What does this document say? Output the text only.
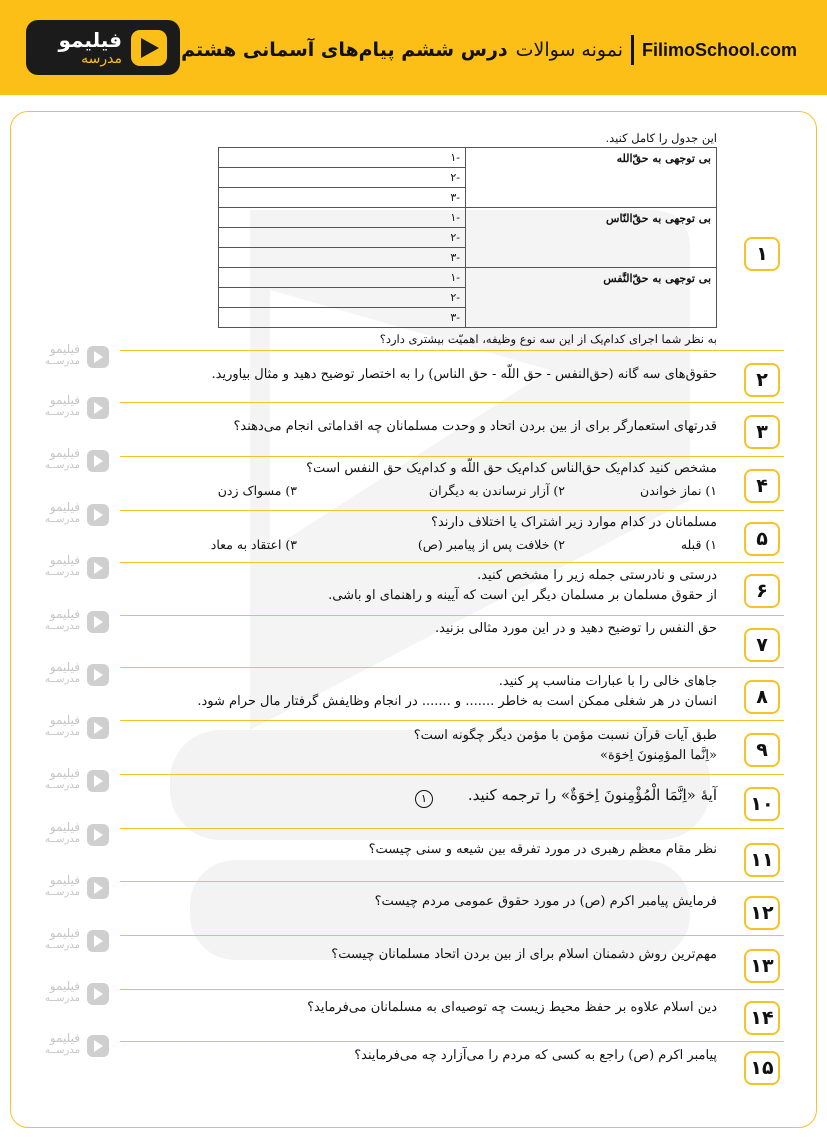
فیلیمو
مدرسه	FilimoSchool.com
نمونه سوالات
درس ششم پیام‌های آسمانی هشتم
فیلیمو
مدرســه
فیلیمو
مدرســه
فیلیمو
مدرســه
فیلیمو
مدرســه
فیلیمو
مدرســه
فیلیمو
مدرســه
فیلیمو
مدرســه
فیلیمو
مدرســه
فیلیمو
مدرســه
فیلیمو
مدرســه
فیلیمو
مدرســه
فیلیمو
مدرســه
فیلیمو
مدرســه
فیلیمو
مدرســه
این جدول را کامل کنید.
بی توجهی به حقّ‌الله	-۱
	-۲
	-۳
بی توجهی به حقّ‌النّاس	-۱
	-۲
	-۳
بی توجهی به حقّ‌النَّفس	-۱
	-۲
	-۳
به نظر شما اجرای کدام‌یک از این سه نوع وظیفه، اهمیّت بیشتری دارد؟
۱
۲
حقوق‌های سه گانه (حق‌النفس - حق اللّه - حق الناس) را به اختصار توضیح دهید و مثال بیاورید.
۳
قدرتهای استعمارگر برای از بین بردن اتحاد و وحدت مسلمانان چه اقداماتی انجام می‌دهند؟
۴
مشخص کنید کدام‌یک حق‌الناس کدام‌یک حق اللّه و کدام‌یک حق النفس است؟
۱) نماز خواندن
۲) آزار نرساندن به دیگران
۳) مسواک زدن
۵
مسلمانان در کدام موارد زیر اشتراک یا اختلاف دارند؟
۱) قبله
۲) خلافت پس از پیامبر (ص)
۳) اعتقاد به معاد
۶
درستی و نادرستی جمله زیر را مشخص کنید.
از حقوق مسلمان بر مسلمان دیگر این است که آیینه و راهنمای او باشی.
۷
حق النفس را توضیح دهید و در این مورد مثالی بزنید.
۸
جاهای خالی را با عبارات مناسب پر کنید.
انسان در هر شغلی ممکن است به خاطر ....... و ....... در انجام وظایفش گرفتار مال حرام شود.
۹
طبق آیات قرآن نسبت مؤمن با مؤمن دیگر چگونه است؟
«اِنَّما المؤمِنونَ اِخوَة»
۱۰
آیهٔ «اِنَّمَا الْمُؤْمِنونَ اِخوَةٌ» را ترجمه کنید.
۱
۱۱
نظر مقام معظم رهبری در مورد تفرقه بین شیعه و سنی چیست؟
۱۲
فرمایش پیامبر اکرم (ص) در مورد حقوق عمومی مردم چیست؟
۱۳
مهم‌ترین روش دشمنان اسلام برای از بین بردن اتحاد مسلمانان چیست؟
۱۴
دین اسلام علاوه بر حفظ محیط زیست چه توصیه‌ای به مسلمانان می‌فرماید؟
۱۵
پیامبر اکرم (ص) راجع به کسی که مردم را می‌آزارد چه می‌فرمایند؟
